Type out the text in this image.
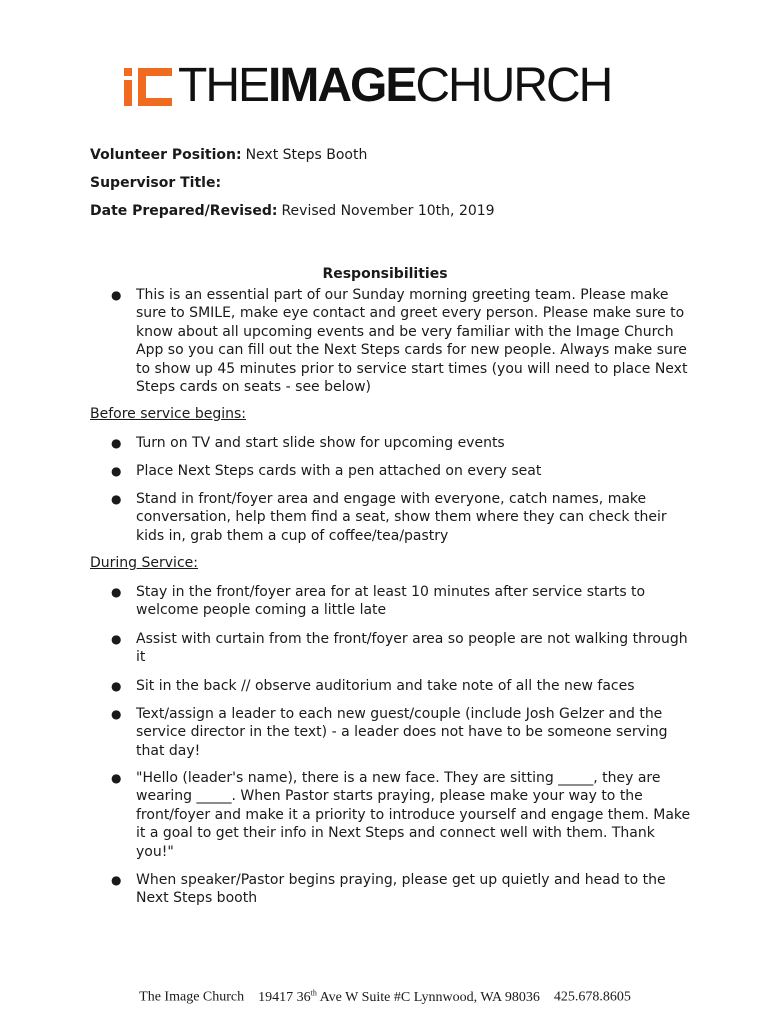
THEIMAGECHURCH
Volunteer Position: Next Steps Booth
Supervisor Title:
Date Prepared/Revised: Revised November 10th, 2019
Responsibilities
● This is an essential part of our Sunday morning greeting team. Please make sure to SMILE, make eye contact and greet every person. Please make sure to know about all upcoming events and be very familiar with the Image Church App so you can fill out the Next Steps cards for new people. Always make sure to show up 45 minutes prior to service start times (you will need to place Next Steps cards on seats - see below)
Before service begins:
● Turn on TV and start slide show for upcoming events
● Place Next Steps cards with a pen attached on every seat
● Stand in front/foyer area and engage with everyone, catch names, make conversation, help them find a seat, show them where they can check their kids in, grab them a cup of coffee/tea/pastry
During Service:
● Stay in the front/foyer area for at least 10 minutes after service starts to welcome people coming a little late
● Assist with curtain from the front/foyer area so people are not walking through it
● Sit in the back // observe auditorium and take note of all the new faces
● Text/assign a leader to each new guest/couple (include Josh Gelzer and the service director in the text) - a leader does not have to be someone serving that day!
● "Hello (leader's name), there is a new face. They are sitting _____, they are wearing _____. When Pastor starts praying, please make your way to the front/foyer and make it a priority to introduce yourself and engage them. Make it a goal to get their info in Next Steps and connect well with them. Thank you!"
● When speaker/Pastor begins praying, please get up quietly and head to the Next Steps booth
The Image Church 19417 36th Ave W Suite #C Lynnwood, WA 98036 425.678.8605
